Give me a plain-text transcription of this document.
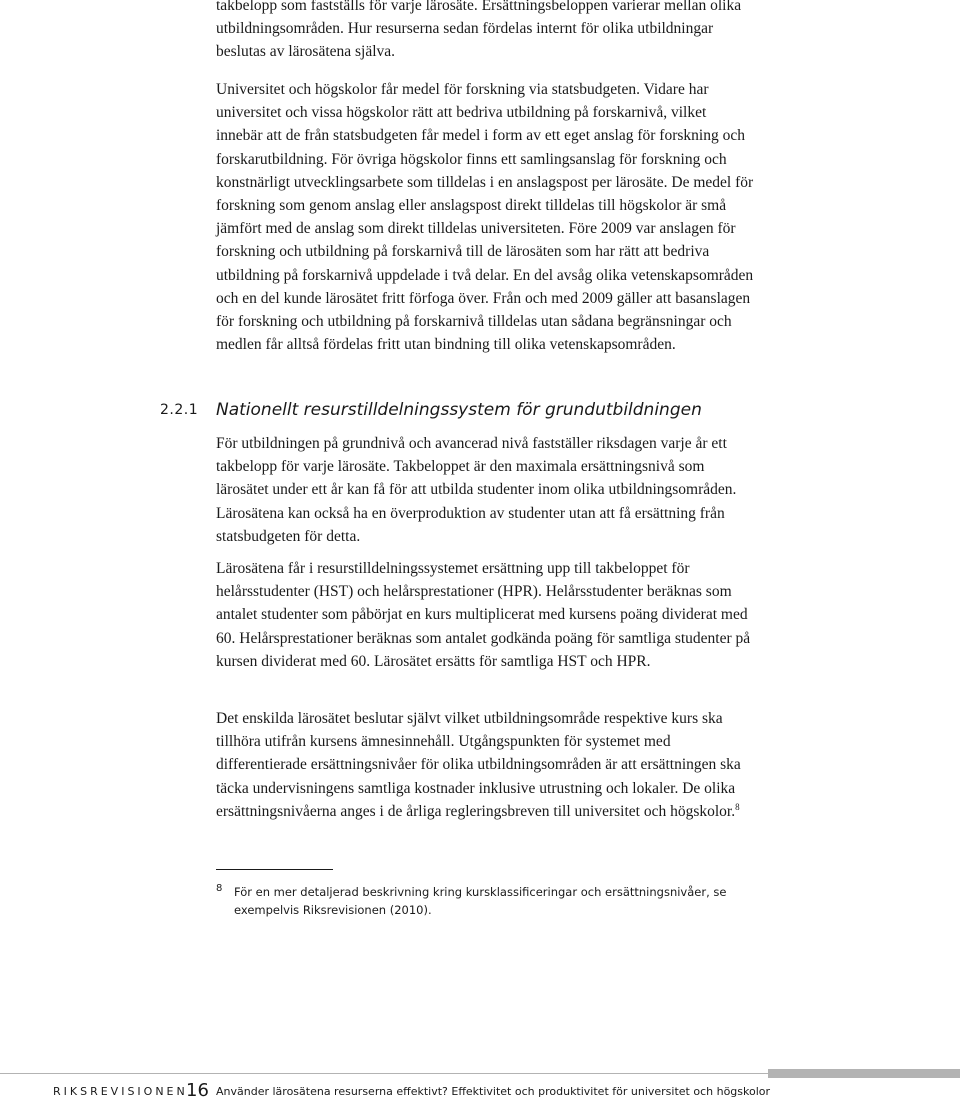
takbelopp som fastställs för varje lärosäte. Ersättningsbeloppen varierar mellan olika utbildningsområden. Hur resurserna sedan fördelas internt för olika utbildningar beslutas av lärosätena själva.

Universitet och högskolor får medel för forskning via statsbudgeten. Vidare har universitet och vissa högskolor rätt att bedriva utbildning på forskarnivå, vilket innebär att de från statsbudgeten får medel i form av ett eget anslag för forskning och forskarutbildning. För övriga högskolor finns ett samlingsanslag för forskning och konstnärligt utvecklingsarbete som tilldelas i en anslagspost per lärosäte. De medel för forskning som genom anslag eller anslagspost direkt tilldelas till högskolor är små jämfört med de anslag som direkt tilldelas universiteten. Före 2009 var anslagen för forskning och utbildning på forskarnivå till de lärosäten som har rätt att bedriva utbildning på forskarnivå uppdelade i två delar. En del avsåg olika vetenskapsområden och en del kunde lärosätet fritt förfoga över. Från och med 2009 gäller att basanslagen för forskning och utbildning på forskarnivå tilldelas utan sådana begränsningar och medlen får alltså fördelas fritt utan bindning till olika vetenskapsområden.

2.2.1 Nationellt resurstilldelningssystem för grundutbildningen

För utbildningen på grundnivå och avancerad nivå fastställer riksdagen varje år ett takbelopp för varje lärosäte. Takbeloppet är den maximala ersättningsnivå som lärosätet under ett år kan få för att utbilda studenter inom olika utbildningsområden. Lärosätena kan också ha en överproduktion av studenter utan att få ersättning från statsbudgeten för detta.

Lärosätena får i resurstilldelningssystemet ersättning upp till takbeloppet för helårsstudenter (HST) och helårsprestationer (HPR). Helårsstudenter beräknas som antalet studenter som påbörjat en kurs multiplicerat med kursens poäng dividerat med 60. Helårsprestationer beräknas som antalet godkända poäng för samtliga studenter på kursen dividerat med 60. Lärosätet ersätts för samtliga HST och HPR.

Det enskilda lärosätet beslutar självt vilket utbildningsområde respektive kurs ska tillhöra utifrån kursens ämnesinnehåll. Utgångspunkten för systemet med differentierade ersättningsnivåer för olika utbildningsområden är att ersättningen ska täcka undervisningens samtliga kostnader inklusive utrustning och lokaler. De olika ersättningsnivåerna anges i de årliga regleringsbreven till universitet och högskolor.$^8$

8 För en mer detaljerad beskrivning kring kursklassificeringar och ersättningsnivåer, se exempelvis Riksrevisionen (2010).
RIKSREVISIONEN
16 Använder lärosätena resurserna effektivt? Effektivitet och produktivitet för universitet och högskolor
